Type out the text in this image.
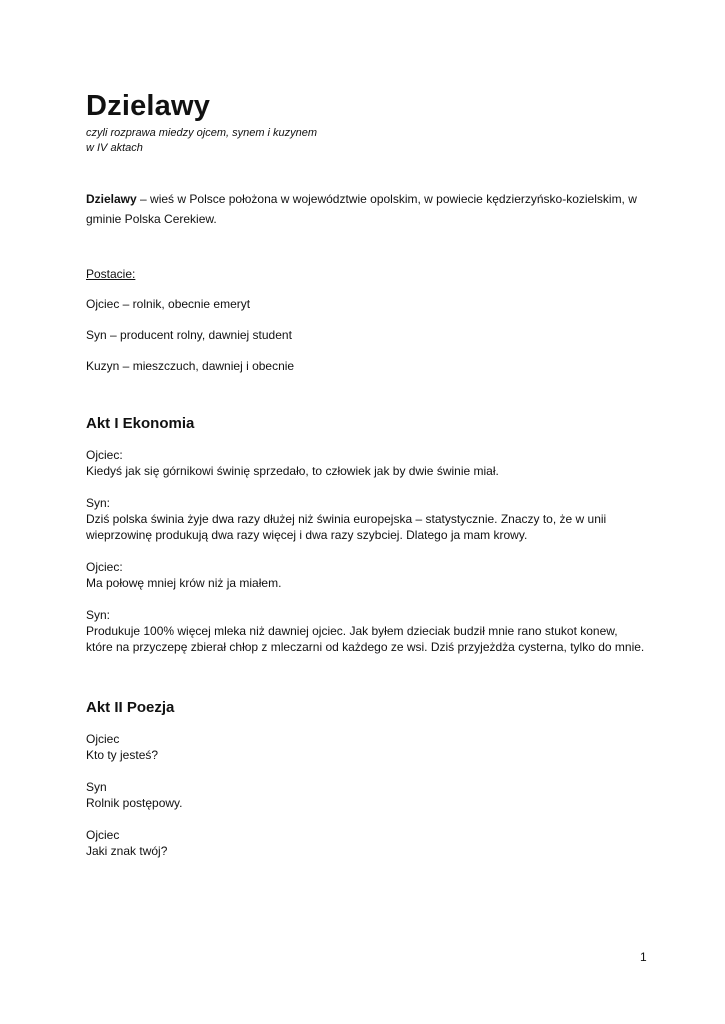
Dzielawy
czyli rozprawa miedzy ojcem, synem i kuzynem
w IV aktach
Dzielawy – wieś w Polsce położona w województwie opolskim, w powiecie kędzierzyńsko-kozielskim, w gminie Polska Cerekiew.
Postacie:
Ojciec – rolnik, obecnie emeryt
Syn – producent rolny, dawniej student
Kuzyn – mieszczuch, dawniej i obecnie
Akt I Ekonomia
Ojciec:
Kiedyś jak się górnikowi świnię sprzedało, to człowiek jak by dwie świnie miał.
Syn:
Dziś polska świnia żyje dwa razy dłużej niż świnia europejska – statystycznie. Znaczy to, że w unii wieprzowinę produkują dwa razy więcej i dwa razy szybciej. Dlatego ja mam krowy.
Ojciec:
Ma połowę mniej krów niż ja miałem.
Syn:
Produkuje 100% więcej mleka niż dawniej ojciec. Jak byłem dzieciak budził mnie rano stukot konew, które na przyczepę zbierał chłop z mleczarni od każdego ze wsi. Dziś przyjeżdża cysterna, tylko do mnie.
Akt II Poezja
Ojciec
Kto ty jesteś?
Syn
Rolnik postępowy.
Ojciec
Jaki znak twój?
1
